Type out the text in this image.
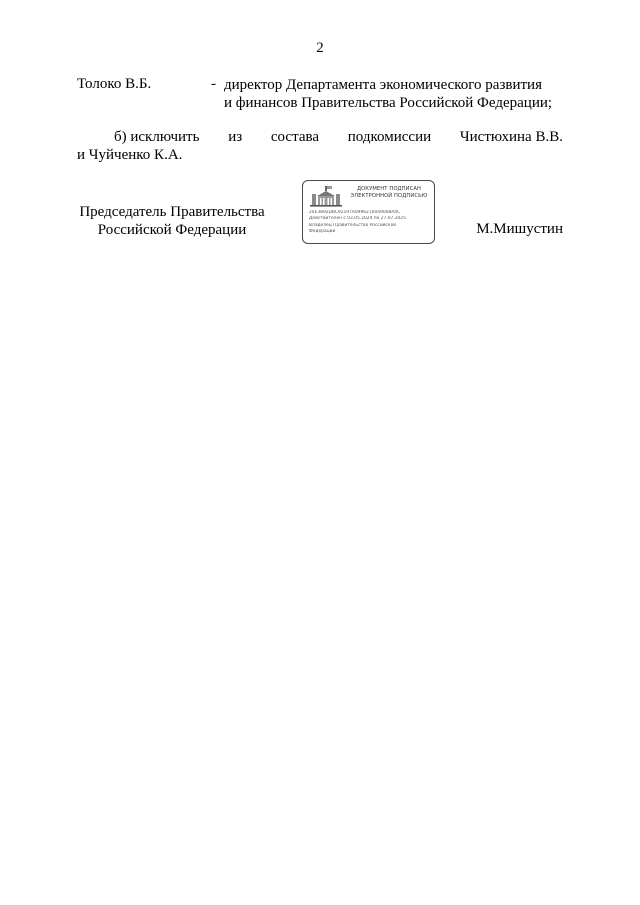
2
Толоко В.Б.	- директор Департамента экономического развития
и финансов Правительства Российской Федерации;
б) исключить из состава подкомиссии Чистюхина В.В.
и Чуйченко К.А.
Председатель Правительства
Российской Федерации
ДОКУМЕНТ ПОДПИСАН
ЭЛЕКТРОННОЙ ПОДПИСЬЮ
20E3892DBC92197A0996210049008A4C
Действителен с 03.05.2024 по 27.07.2025
Владелец Правительство Российской
Федерации	М.Мишустин
